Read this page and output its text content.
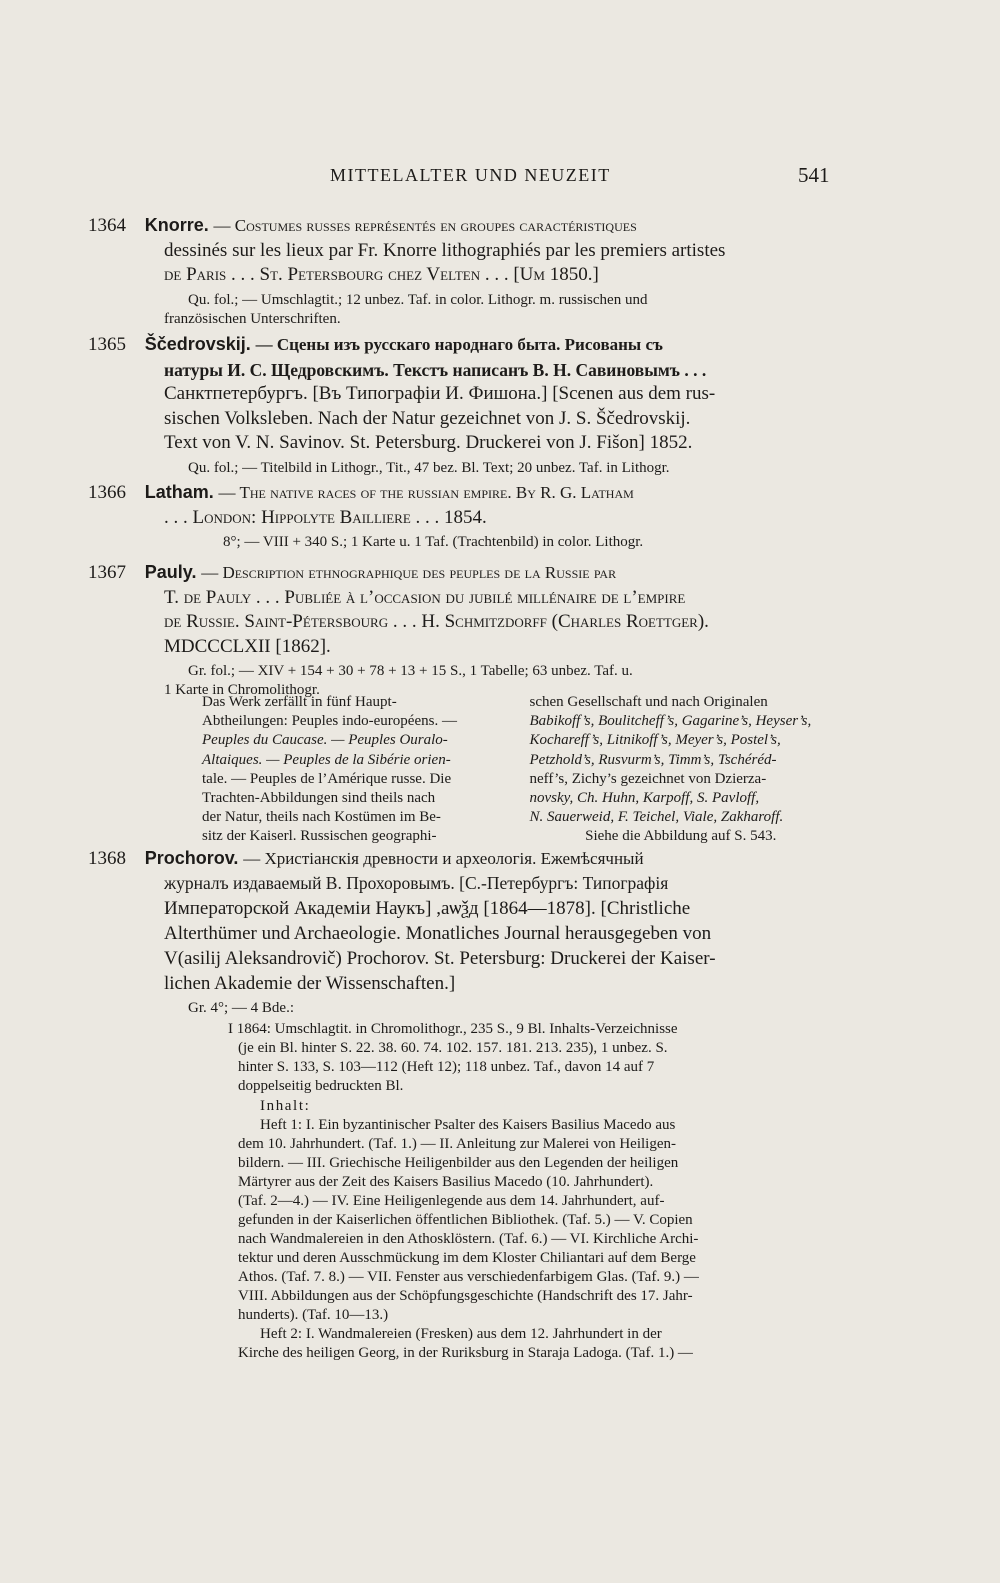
MITTELALTER UND NEUZEIT	541
1364 Knorre. — Costumes russes représentés en groupes caractéristiques
dessinés sur les lieux par Fr. Knorre lithographiés par les premiers artistes
de Paris . . . St. Petersbourg chez Velten . . . [Um 1850.]
Qu. fol.; — Umschlagtit.; 12 unbez. Taf. in color. Lithogr. m. russischen und
französischen Unterschriften.
1365 Ščedrovskij. — Сцены изъ русскаго народнаго быта. Рисованы съ
натуры И. С. Щедровскимъ. Текстъ написанъ В. Н. Савиновымъ . . .
Санктпетербургъ. [Въ Типографіи И. Фишона.] [Scenen aus dem rus-
sischen Volksleben. Nach der Natur gezeichnet von J. S. Ščedrovskij.
Text von V. N. Savinov. St. Petersburg. Druckerei von J. Fišon] 1852.
Qu. fol.; — Titelbild in Lithogr., Tit., 47 bez. Bl. Text; 20 unbez. Taf. in Lithogr.
1366 Latham. — The native races of the russian empire. By R. G. Latham
. . . London: Hippolyte Bailliere . . . 1854.
8°; — VIII + 340 S.; 1 Karte u. 1 Taf. (Trachtenbild) in color. Lithogr.
1367 Pauly. — Description ethnographique des peuples de la Russie par
T. de Pauly . . . Publiée à l’occasion du jubilé millénaire de l’empire
de Russie. Saint-Pétersbourg . . . H. Schmitzdorff (Charles Roettger).
MDCCCLXII [1862].
Gr. fol.; — XIV + 154 + 30 + 78 + 13 + 15 S., 1 Tabelle; 63 unbez. Taf. u.
1 Karte in Chromolithogr.
Das Werk zerfällt in fünf Haupt-
Abtheilungen: Peuples indo-européens. —
Peuples du Caucase. — Peuples Ouralo-
Altaiques. — Peuples de la Sibérie orien-
tale. — Peuples de l’Amérique russe. Die
Trachten-Abbildungen sind theils nach
der Natur, theils nach Kostümen im Be-
sitz der Kaiserl. Russischen geographi-
schen Gesellschaft und nach Originalen
Babikoff’s, Boulitcheff’s, Gagarine’s, Heyser’s,
Kochareff’s, Litnikoff’s, Meyer’s, Postel’s,
Petzhold’s, Rusvurm’s, Timm’s, Tschéréd-
neff’s, Zichy’s gezeichnet von Dzierza-
novsky, Ch. Huhn, Karpoff, S. Pavloff,
N. Sauerweid, F. Teichel, Viale, Zakharoff.
Siehe die Abbildung auf S. 543.
1368 Prochorov. — Христіанскія древности и археологія. Ежемѣсячный
журналъ издаваемый В. Прохоровымъ. [С.-Петербургъ: Типографія
Императорской Академіи Наукъ] ,аѡѯд [1864—1878]. [Christliche
Alterthümer und Archaeologie. Monatliches Journal herausgegeben von
V(asilij Aleksandrovič) Prochorov. St. Petersburg: Druckerei der Kaiser-
lichen Akademie der Wissenschaften.]
Gr. 4°; — 4 Bde.:
I 1864: Umschlagtit. in Chromolithogr., 235 S., 9 Bl. Inhalts-Verzeichnisse
(je ein Bl. hinter S. 22. 38. 60. 74. 102. 157. 181. 213. 235), 1 unbez. S.
hinter S. 133, S. 103—112 (Heft 12); 118 unbez. Taf., davon 14 auf 7
doppelseitig bedruckten Bl.
Inhalt:
Heft 1: I. Ein byzantinischer Psalter des Kaisers Basilius Macedo aus
dem 10. Jahrhundert. (Taf. 1.) — II. Anleitung zur Malerei von Heiligen-
bildern. — III. Griechische Heiligenbilder aus den Legenden der heiligen
Märtyrer aus der Zeit des Kaisers Basilius Macedo (10. Jahrhundert).
(Taf. 2—4.) — IV. Eine Heiligenlegende aus dem 14. Jahrhundert, auf-
gefunden in der Kaiserlichen öffentlichen Bibliothek. (Taf. 5.) — V. Copien
nach Wandmalereien in den Athosklöstern. (Taf. 6.) — VI. Kirchliche Archi-
tektur und deren Ausschmückung im dem Kloster Chiliantari auf dem Berge
Athos. (Taf. 7. 8.) — VII. Fenster aus verschiedenfarbigem Glas. (Taf. 9.) —
VIII. Abbildungen aus der Schöpfungsgeschichte (Handschrift des 17. Jahr-
hunderts). (Taf. 10—13.)
Heft 2: I. Wandmalereien (Fresken) aus dem 12. Jahrhundert in der
Kirche des heiligen Georg, in der Ruriksburg in Staraja Ladoga. (Taf. 1.) —
